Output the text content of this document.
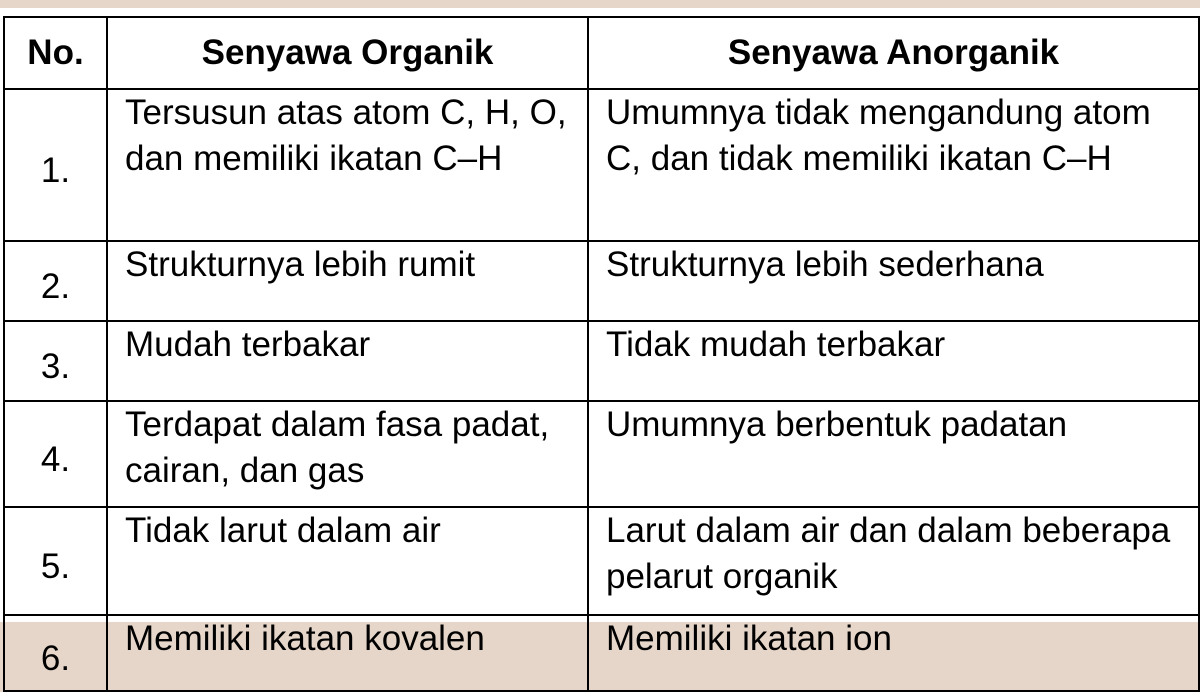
No.	Senyawa Organik	Senyawa Anorganik
1.	Tersusun atas atom C, H, O, dan memiliki ikatan C–H	Umumnya tidak mengandung atom C, dan tidak memiliki ikatan C–H
2.	Strukturnya lebih rumit	Strukturnya lebih sederhana
3.	Mudah terbakar	Tidak mudah terbakar
4.	Terdapat dalam fasa padat, cairan, dan gas	Umumnya berbentuk padatan
5.	Tidak larut dalam air	Larut dalam air dan dalam beberapa pelarut organik
6.	Memiliki ikatan kovalen	Memiliki ikatan ion
